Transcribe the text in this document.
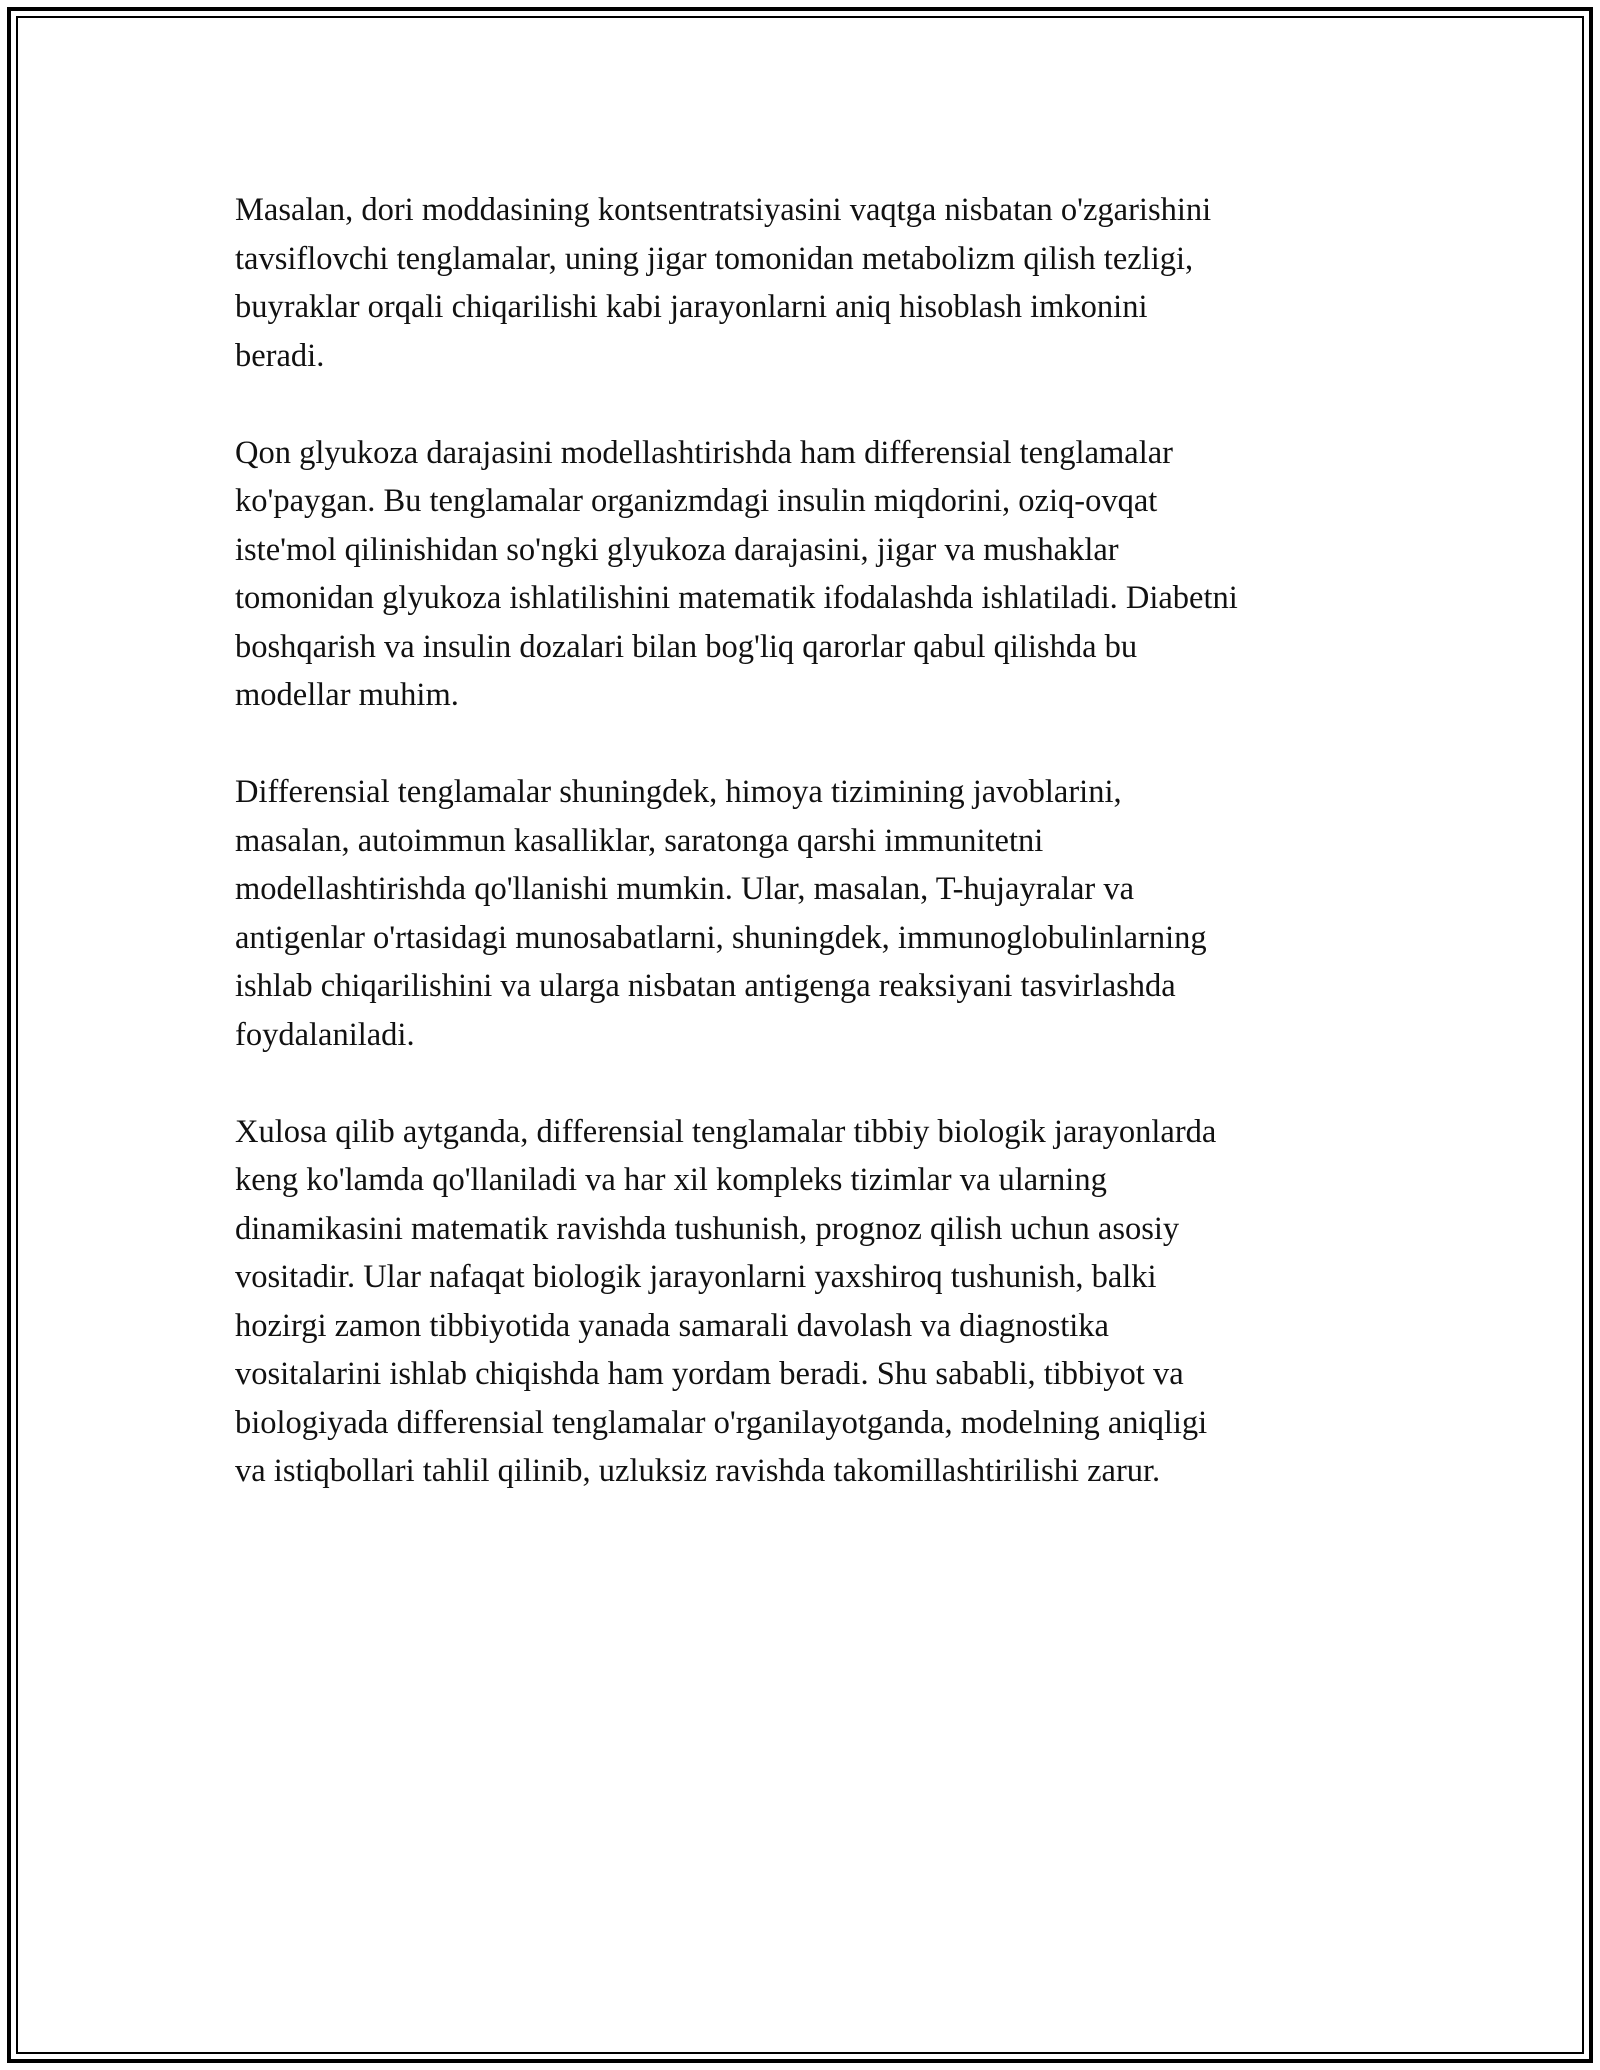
Masalan, dori moddasining kontsentratsiyasini vaqtga nisbatan o'zgarishini
tavsiflovchi tenglamalar, uning jigar tomonidan metabolizm qilish tezligi,
buyraklar orqali chiqarilishi kabi jarayonlarni aniq hisoblash imkonini
beradi.

Qon glyukoza darajasini modellashtirishda ham differensial tenglamalar
ko'paygan. Bu tenglamalar organizmdagi insulin miqdorini, oziq-ovqat
iste'mol qilinishidan so'ngki glyukoza darajasini, jigar va mushaklar
tomonidan glyukoza ishlatilishini matematik ifodalashda ishlatiladi. Diabetni
boshqarish va insulin dozalari bilan bog'liq qarorlar qabul qilishda bu
modellar muhim.

Differensial tenglamalar shuningdek, himoya tizimining javoblarini,
masalan, autoimmun kasalliklar, saratonga qarshi immunitetni
modellashtirishda qo'llanishi mumkin. Ular, masalan, T-hujayralar va
antigenlar o'rtasidagi munosabatlarni, shuningdek, immunoglobulinlarning
ishlab chiqarilishini va ularga nisbatan antigenga reaksiyani tasvirlashda
foydalaniladi.

Xulosa qilib aytganda, differensial tenglamalar tibbiy biologik jarayonlarda
keng ko'lamda qo'llaniladi va har xil kompleks tizimlar va ularning
dinamikasini matematik ravishda tushunish, prognoz qilish uchun asosiy
vositadir. Ular nafaqat biologik jarayonlarni yaxshiroq tushunish, balki
hozirgi zamon tibbiyotida yanada samarali davolash va diagnostika
vositalarini ishlab chiqishda ham yordam beradi. Shu sababli, tibbiyot va
biologiyada differensial tenglamalar o'rganilayotganda, modelning aniqligi
va istiqbollari tahlil qilinib, uzluksiz ravishda takomillashtirilishi zarur.
